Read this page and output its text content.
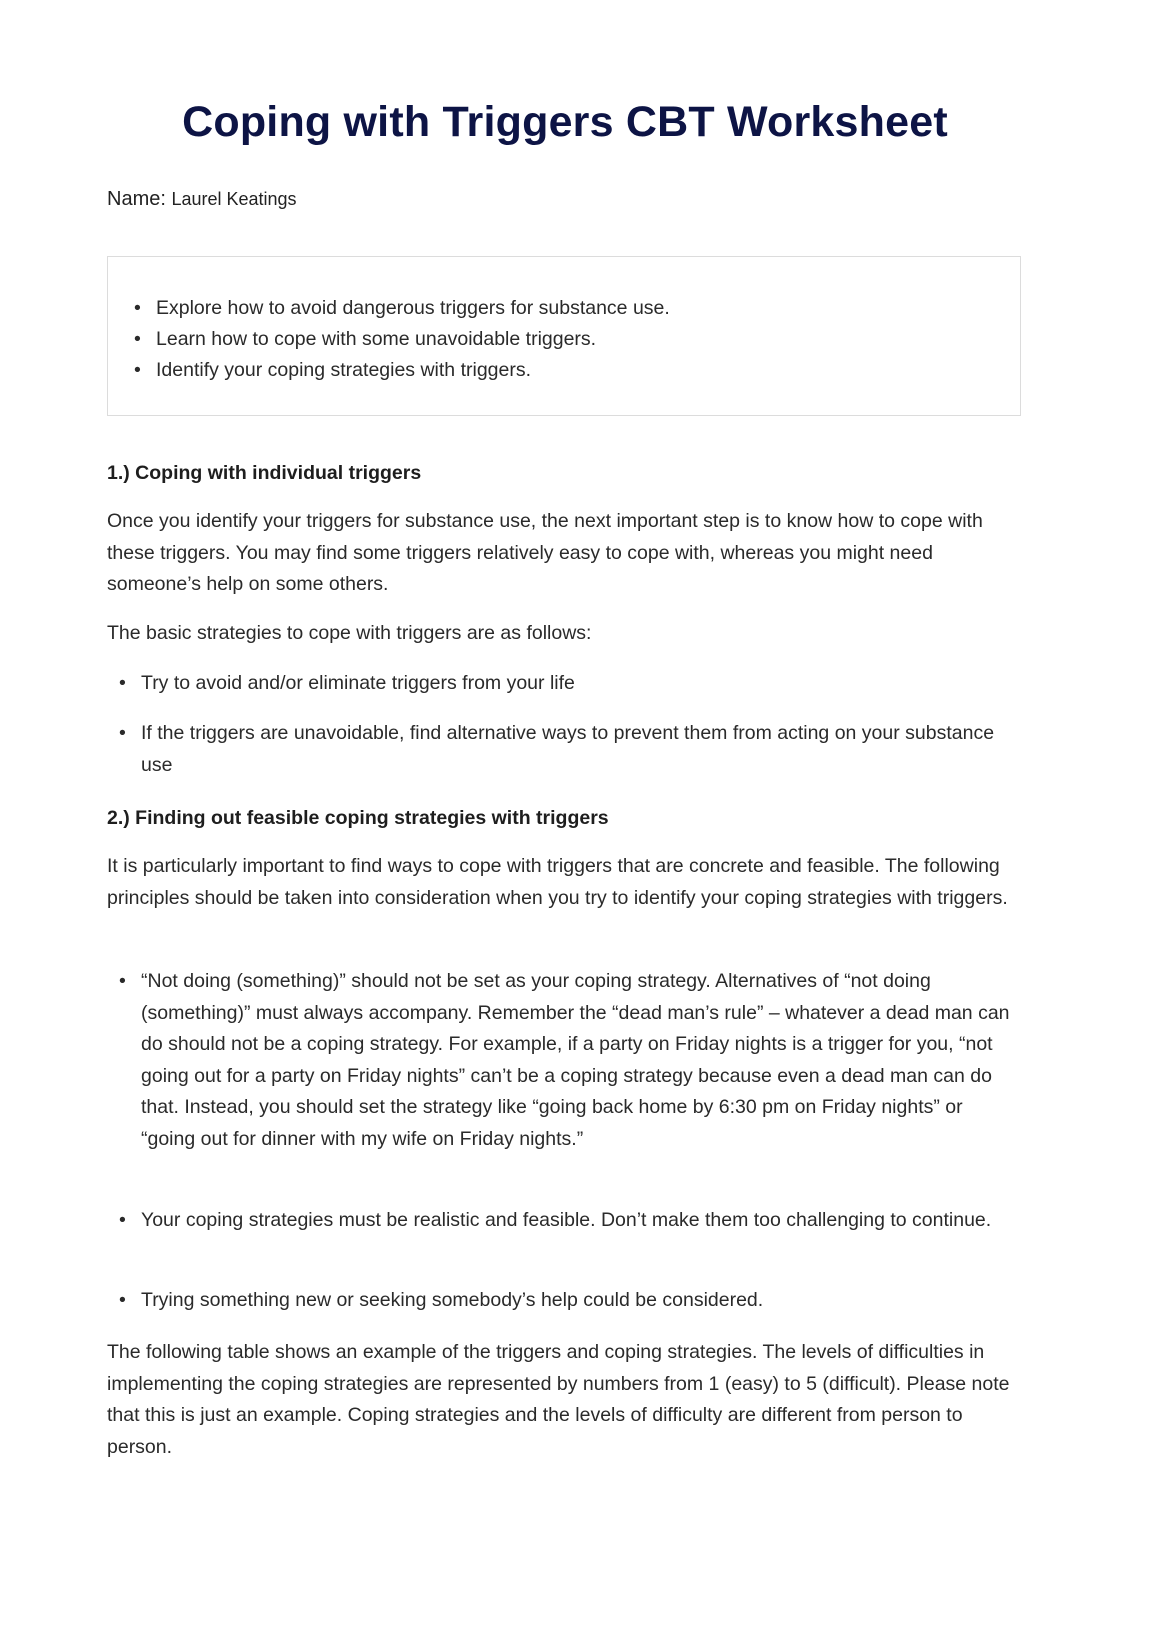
Coping with Triggers CBT Worksheet
Name: Laurel Keatings
• Explore how to avoid dangerous triggers for substance use.
• Learn how to cope with some unavoidable triggers.
• Identify your coping strategies with triggers.
1.) Coping with individual triggers
Once you identify your triggers for substance use, the next important step is to know how to cope with these triggers. You may find some triggers relatively easy to cope with, whereas you might need someone’s help on some others.
The basic strategies to cope with triggers are as follows:
• Try to avoid and/or eliminate triggers from your life
• If the triggers are unavoidable, find alternative ways to prevent them from acting on your substance use
2.) Finding out feasible coping strategies with triggers
It is particularly important to find ways to cope with triggers that are concrete and feasible. The following principles should be taken into consideration when you try to identify your coping strategies with triggers.
• “Not doing (something)” should not be set as your coping strategy. Alternatives of “not doing (something)” must always accompany. Remember the “dead man’s rule” – whatever a dead man can do should not be a coping strategy. For example, if a party on Friday nights is a trigger for you, “not going out for a party on Friday nights” can’t be a coping strategy because even a dead man can do that. Instead, you should set the strategy like “going back home by 6:30 pm on Friday nights” or “going out for dinner with my wife on Friday nights.”
• Your coping strategies must be realistic and feasible. Don’t make them too challenging to continue.
• Trying something new or seeking somebody’s help could be considered.
The following table shows an example of the triggers and coping strategies. The levels of difficulties in implementing the coping strategies are represented by numbers from 1 (easy) to 5 (difficult). Please note that this is just an example. Coping strategies and the levels of difficulty are different from person to person.
